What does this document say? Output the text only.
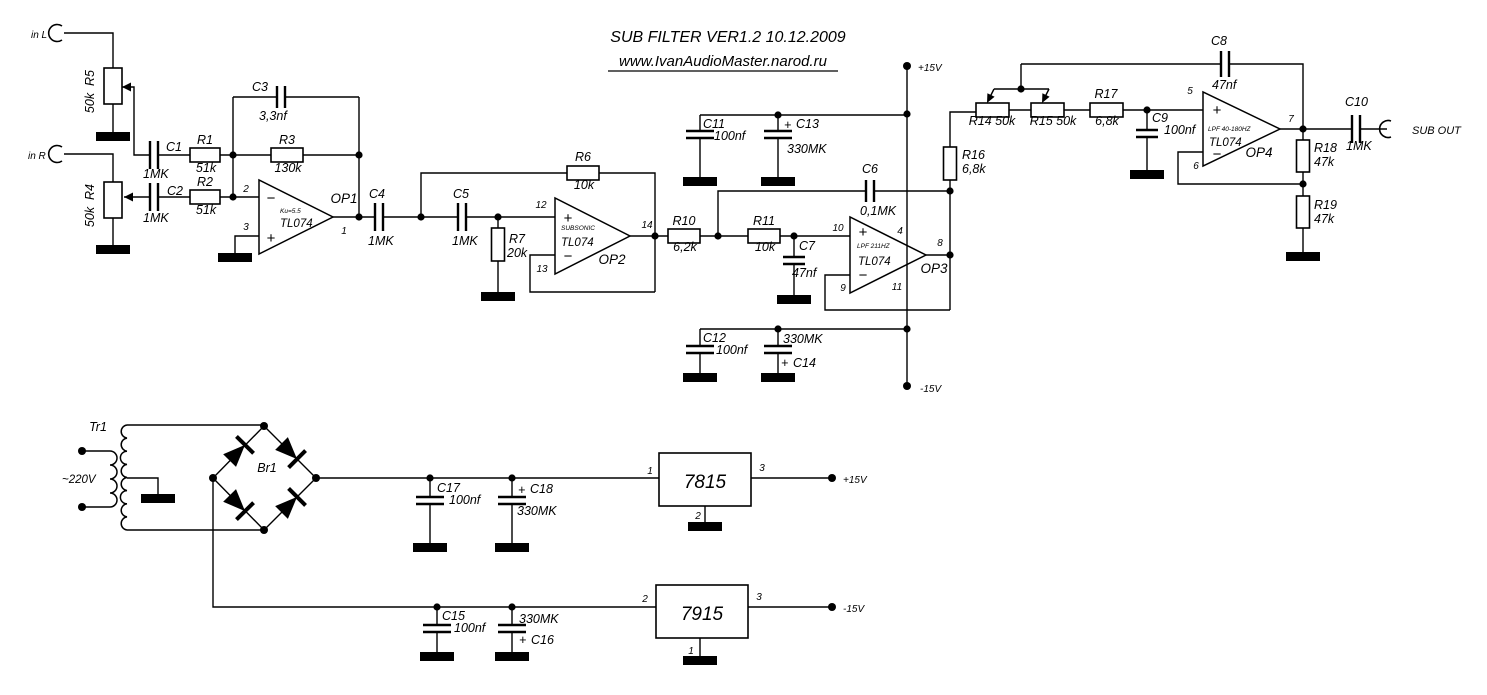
SUB FILTER VER1.2 10.12.2009
www.IvanAudioMaster.narod.ru
in L
in R
SUB OUT
+15V
-15V
+15V
-15V
~220V
R5
50k
R4
50k
R1
51k
R2
51k
R3
130k
R6
10k
R7
20k
R10
6,2k
R11
10k
R14 50k R15 50k
R16
6,8k
R17
6,8k
R18
47k
R19
47k
C1
1MK
C2
1MK
C3
3,3nf
C4
1MK
C5
1MK
C6
0,1MK
C7
47nf
C8
47nf
C9
100nf
C10
1MK
C11
100nf
+ C13
330MK
C12
100nf
330MK
+ C14
C17
100nf
+ C18
330MK
C15
100nf
330MK
+ C16
2
3	1
−
+
Ku=5.5
TL074
OP1	12
13
14
+
−
SUBSONIC
TL074
OP2
10
9
8
4
11
+
−
LPF 211HZ
TL074 OP3
5
6
7
+
−
LPF 40-180HZ
TL074
OP4
Tr1
Br1
7815
1	3
2
7915
2	3
1
